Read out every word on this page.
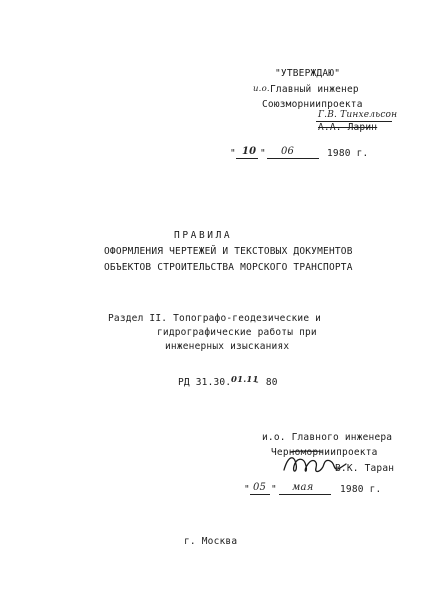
"УТВЕРЖДАЮ"
и.о. Главный инженер
Союзморниипроекта
Г.В. Тинхельсон
А.А. Ларин
" 10 " 06	1980 г.
ПРАВИЛА
ОФОРМЛЕНИЯ ЧЕРТЕЖЕЙ И ТЕКСТОВЫХ ДОКУМЕНТОВ
ОБЪЕКТОВ СТРОИТЕЛЬСТВА МОРСКОГО ТРАНСПОРТА
Раздел II. Топографо-геодезические и
гидрографические работы при
инженерных изысканиях
РД 31.30. 01.11
- 80
и.о. Главного инженера
Черноморниипроекта
В.К. Таран
" 05 " мая	1980 г.
г. Москва
